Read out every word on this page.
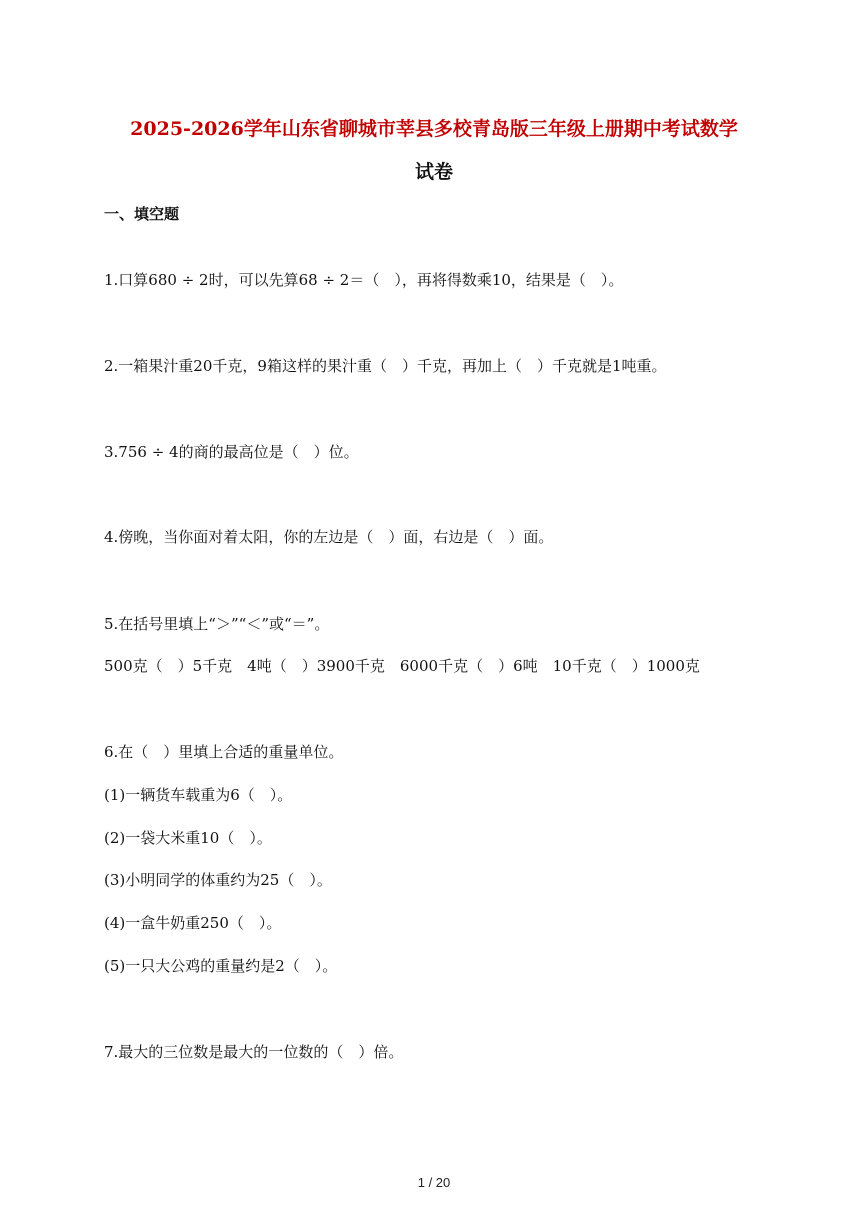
2025-2026学年山东省聊城市莘县多校青岛版三年级上册期中考试数学
试卷
一、填空题
1.口算680 ÷ 2时，可以先算68 ÷ 2＝（　），再将得数乘10，结果是（　）。
2.一箱果汁重20千克，9箱这样的果汁重（　）千克，再加上（　）千克就是1吨重。
3.756 ÷ 4的商的最高位是（　）位。
4.傍晚，当你面对着太阳，你的左边是（　）面，右边是（　）面。
5.在括号里填上“＞”“＜”或“＝”。
500克（　）5千克　4吨（　）3900千克　6000千克（　）6吨　10千克（　）1000克
6.在（　）里填上合适的重量单位。
(1)一辆货车载重为6（　）。
(2)一袋大米重10（　）。
(3)小明同学的体重约为25（　）。
(4)一盒牛奶重250（　）。
(5)一只大公鸡的重量约是2（　）。
7.最大的三位数是最大的一位数的（　）倍。
1 / 20
